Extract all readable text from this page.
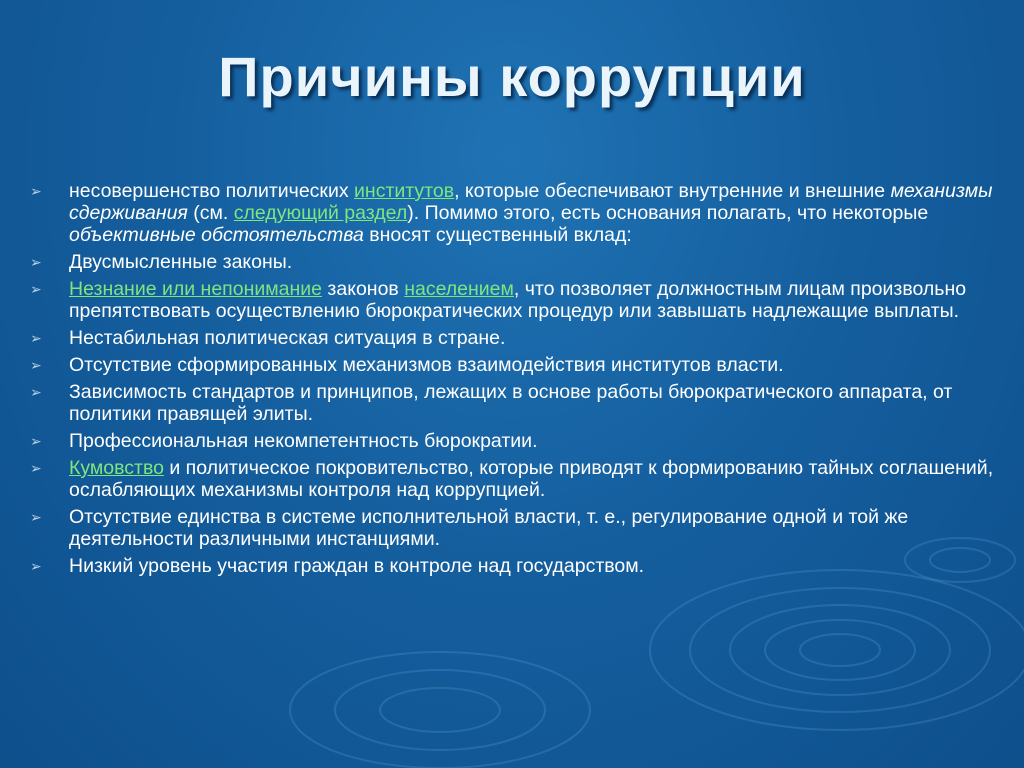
Причины коррупции
➢ несовершенство политических институтов, которые обеспечивают внутренние и внешние механизмы сдерживания (см. следующий раздел). Помимо этого, есть основания полагать, что некоторые объективные обстоятельства вносят существенный вклад:
➢ Двусмысленные законы.
➢ Незнание или непонимание законов населением, что позволяет должностным лицам произвольно препятствовать осуществлению бюрократических процедур или завышать надлежащие выплаты.
➢ Нестабильная политическая ситуация в стране.
➢ Отсутствие сформированных механизмов взаимодействия институтов власти.
➢ Зависимость стандартов и принципов, лежащих в основе работы бюрократического аппарата, от политики правящей элиты.
➢ Профессиональная некомпетентность бюрократии.
➢ Кумовство и политическое покровительство, которые приводят к формированию тайных соглашений, ослабляющих механизмы контроля над коррупцией.
➢ Отсутствие единства в системе исполнительной власти, т. е., регулирование одной и той же деятельности различными инстанциями.
➢ Низкий уровень участия граждан в контроле над государством.
